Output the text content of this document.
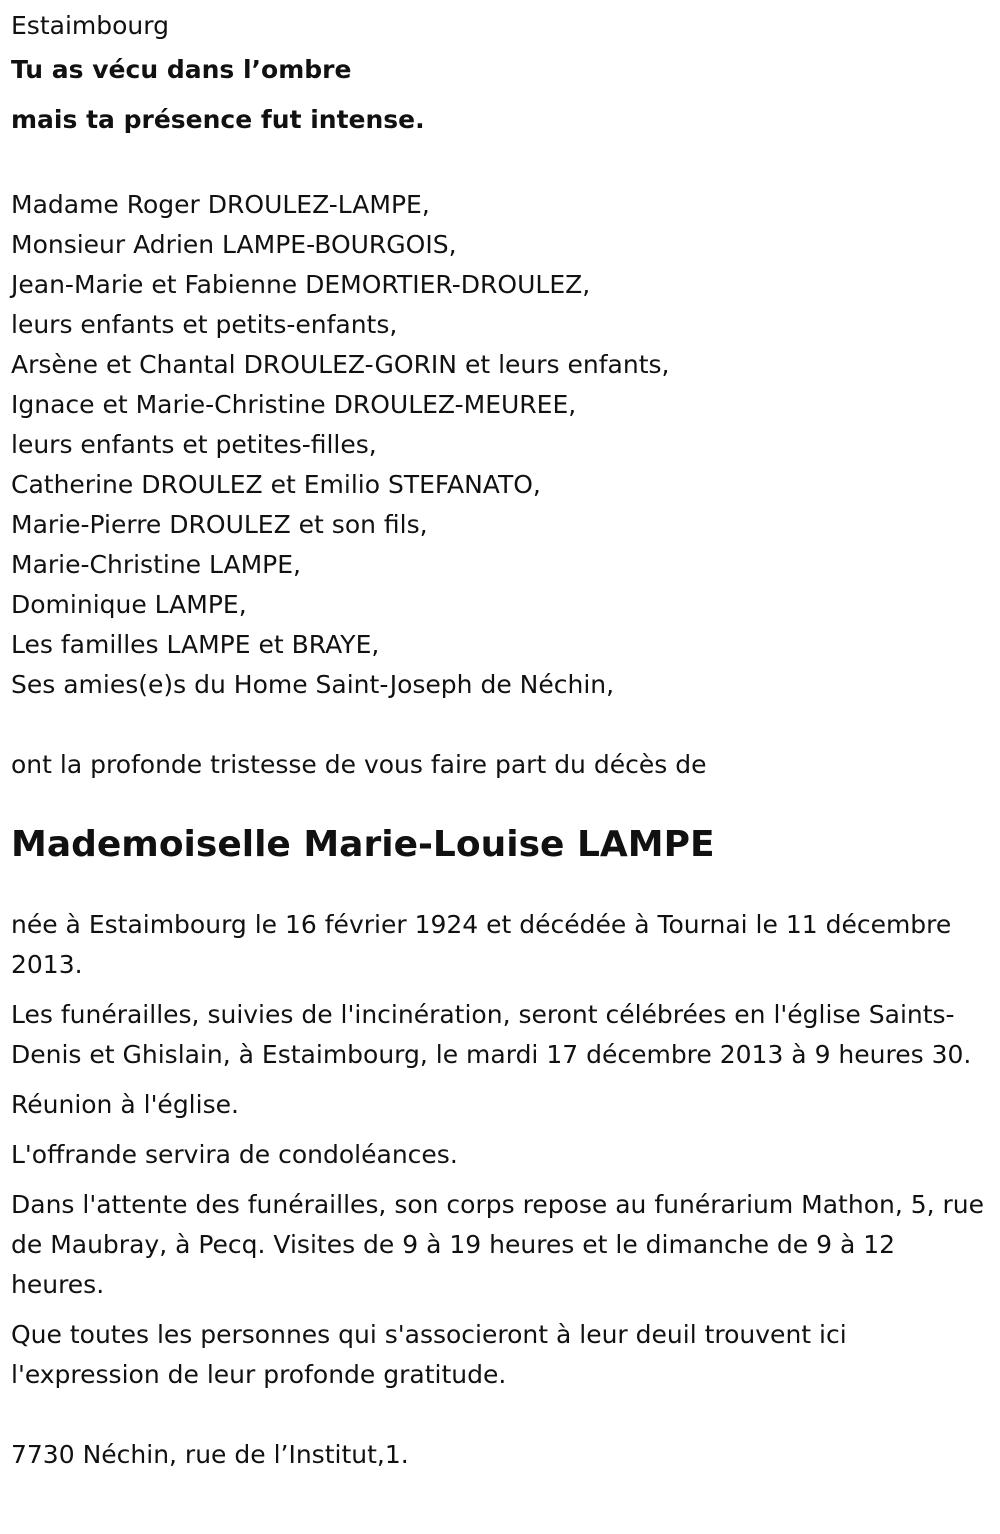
Estaimbourg

Tu as vécu dans l’ombre

mais ta présence fut intense.

Madame Roger DROULEZ-LAMPE,

Monsieur Adrien LAMPE-BOURGOIS,

Jean-Marie et Fabienne DEMORTIER-DROULEZ,

leurs enfants et petits-enfants,

Arsène et Chantal DROULEZ-GORIN et leurs enfants,

Ignace et Marie-Christine DROULEZ-MEUREE,

leurs enfants et petites-filles,

Catherine DROULEZ et Emilio STEFANATO,

Marie-Pierre DROULEZ et son fils,

Marie-Christine LAMPE,

Dominique LAMPE,

Les familles LAMPE et BRAYE,

Ses amies(e)s du Home Saint-Joseph de Néchin,

ont la profonde tristesse de vous faire part du décès de

Mademoiselle Marie-Louise LAMPE

née à Estaimbourg le 16 février 1924 et décédée à Tournai le 11 décembre 2013.

Les funérailles, suivies de l'incinération, seront célébrées en l'église Saints-Denis et Ghislain, à Estaimbourg, le mardi 17 décembre 2013 à 9 heures 30.

Réunion à l'église.

L'offrande servira de condoléances.

Dans l'attente des funérailles, son corps repose au funérarium Mathon, 5, rue de Maubray, à Pecq. Visites de 9 à 19 heures et le dimanche de 9 à 12 heures.

Que toutes les personnes qui s'associeront à leur deuil trouvent ici l'expression de leur profonde gratitude.

7730 Néchin, rue de l’Institut,1.
